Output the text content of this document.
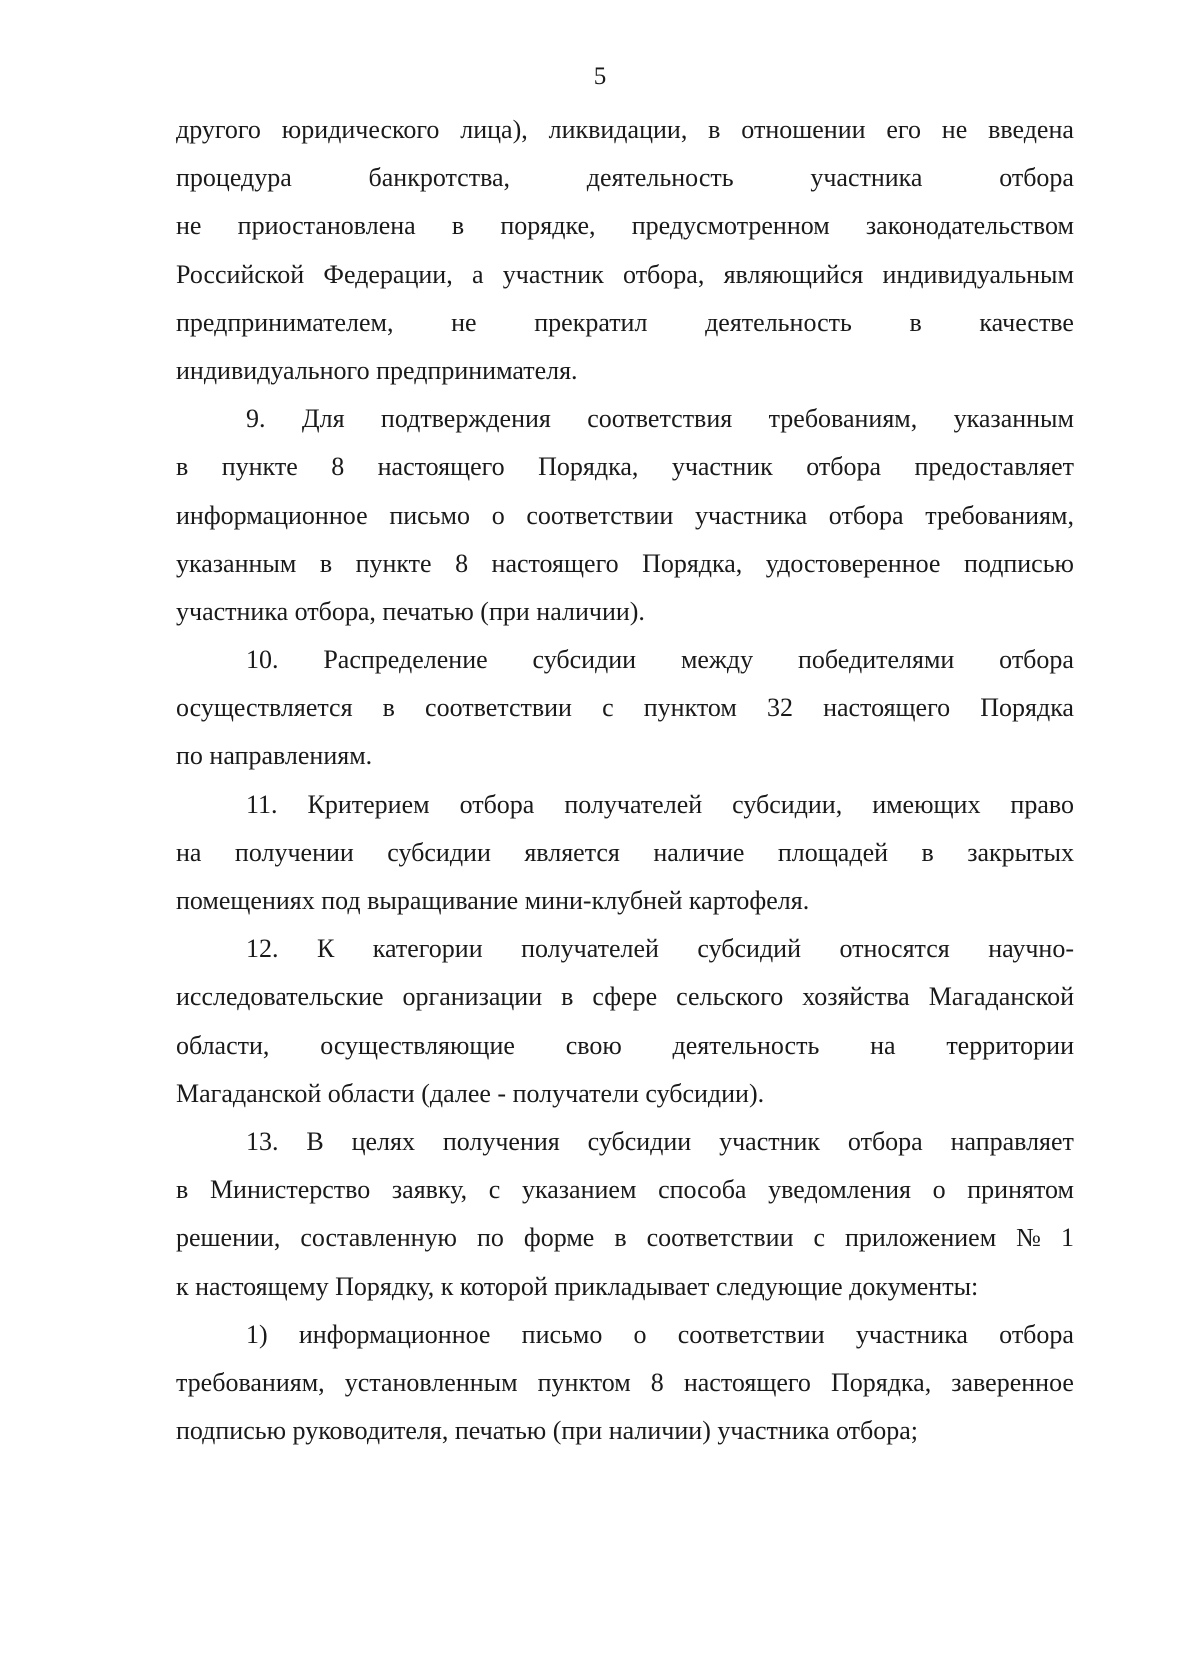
5
другого юридического лица), ликвидации, в отношении его не введена
процедура	банкротства,	деятельность	участника	отбора
не приостановлена в порядке, предусмотренном законодательством
Российской Федерации, а участник отбора, являющийся индивидуальным
предпринимателем, не прекратил деятельность в качестве
индивидуального предпринимателя.
9. Для подтверждения соответствия требованиям, указанным
в пункте 8 настоящего Порядка, участник отбора предоставляет
информационное письмо о соответствии участника отбора требованиям,
указанным в пункте 8 настоящего Порядка, удостоверенное подписью
участника отбора, печатью (при наличии).
10. Распределение субсидии между победителями отбора
осуществляется в соответствии с пунктом 32 настоящего Порядка
по направлениям.
11. Критерием отбора получателей субсидии, имеющих право
на получении субсидии является наличие площадей в закрытых
помещениях под выращивание мини-клубней картофеля.
12. К категории получателей субсидий относятся научно-
исследовательские организации в сфере сельского хозяйства Магаданской
области, осуществляющие свою деятельность на территории
Магаданской области (далее - получатели субсидии).
13. В целях получения субсидии участник отбора направляет
в Министерство заявку, с указанием способа уведомления о принятом
решении, составленную по форме в соответствии с приложением № 1
к настоящему Порядку, к которой прикладывает следующие документы:
1) информационное письмо о соответствии участника отбора
требованиям, установленным пунктом 8 настоящего Порядка, заверенное
подписью руководителя, печатью (при наличии) участника отбора;
